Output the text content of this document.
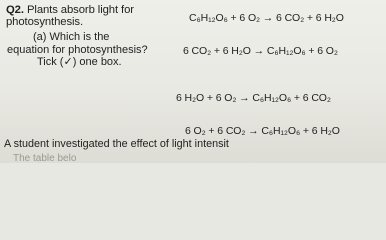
Q2. Plants absorb light for
photosynthesis.
(a) Which is the
equation for photosynthesis?
Tick (✓) one box.
C₆H₁₂O₆ + 6 O₂ → 6 CO₂ + 6 H₂O
6 CO₂ + 6 H₂O → C₆H₁₂O₆ + 6 O₂
6 H₂O + 6 O₂ → C₆H₁₂O₆ + 6 CO₂
6 O₂ + 6 CO₂ → C₆H₁₂O₆ + 6 H₂O
A student investigated the effect of light intensit
The table belo
